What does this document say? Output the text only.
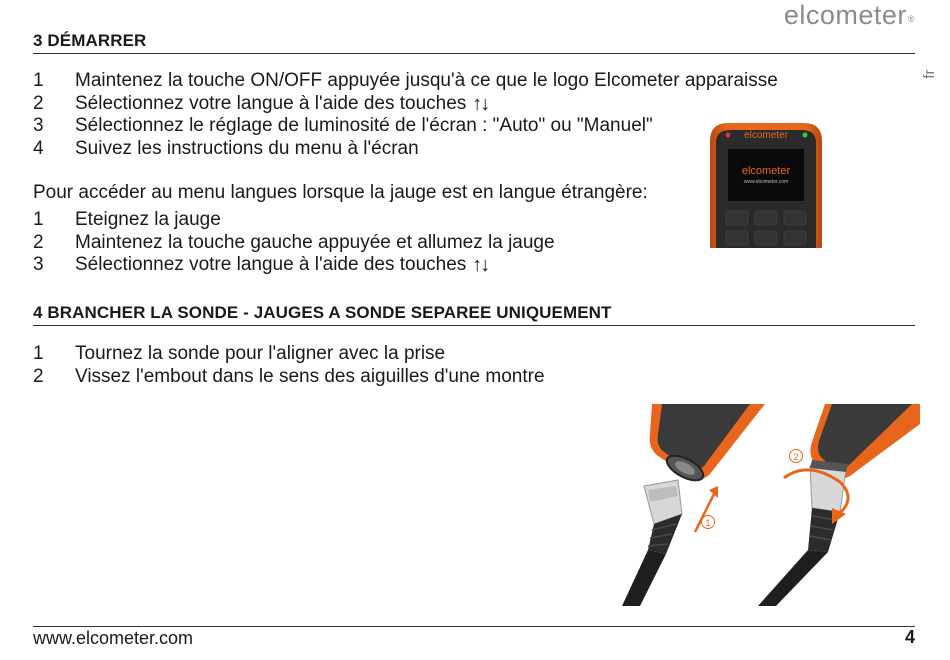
elcometer®
fr
3 DÉMARRER
1	Maintenez la touche ON/OFF appuyée jusqu'à ce que le logo Elcometer apparaisse
2	Sélectionnez votre langue à l'aide des touches ↑↓
3	Sélectionnez le réglage de luminosité de l'écran : "Auto" ou "Manuel"
4	Suivez les instructions du menu à l'écran
Pour accéder au menu langues lorsque la jauge est en langue étrangère:
1	Eteignez la jauge
2	Maintenez la touche gauche appuyée et allumez la jauge
3	Sélectionnez votre langue à l'aide des touches ↑↓
elcometer
elcometer
www.elcometer.com
4 BRANCHER LA SONDE - JAUGES A SONDE SEPAREE UNIQUEMENT
1	Tournez la sonde pour l'aligner avec la prise
2	Vissez l'embout dans le sens des aiguilles d'une montre
1
2
www.elcometer.com	4
